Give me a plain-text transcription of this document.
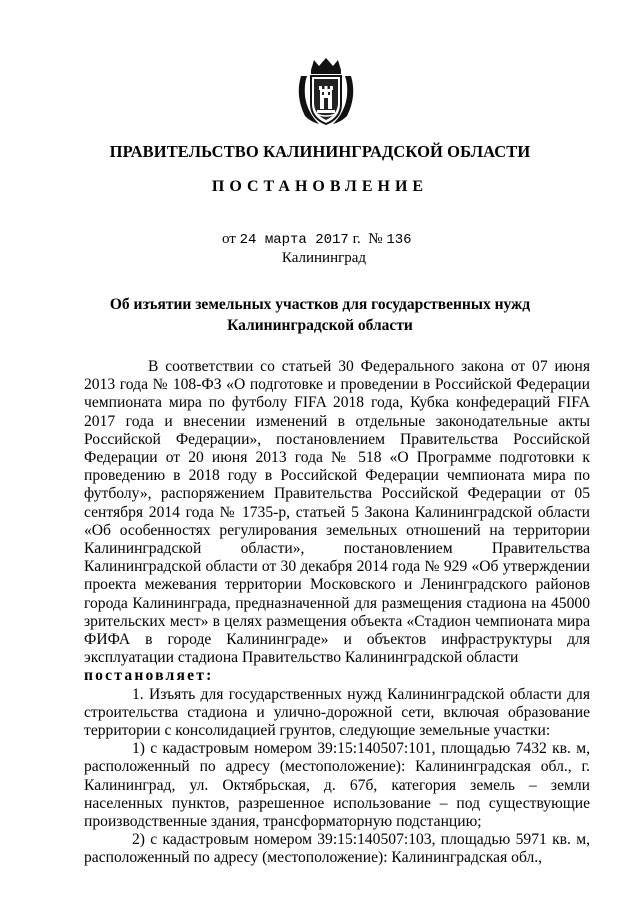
ПРАВИТЕЛЬСТВО КАЛИНИНГРАДСКОЙ ОБЛАСТИ
ПОСТАНОВЛЕНИЕ
от 24 марта 2017 г. № 136
Калининград
Об изъятии земельных участков для государственных нужд
Калининградской области

В соответствии со статьей 30 Федерального закона от 07 июня 2013 года № 108-ФЗ «О подготовке и проведении в Российской Федерации чемпионата мира по футболу FIFA 2018 года, Кубка конфедераций FIFA 2017 года и внесении изменений в отдельные законодательные акты Российской Федерации», постановлением Правительства Российской Федерации от 20 июня 2013 года № 518 «О Программе подготовки к проведению в 2018 году в Российской Федерации чемпионата мира по футболу», распоряжением Правительства Российской Федерации от 05 сентября 2014 года № 1735-р, статьей 5 Закона Калининградской области «Об особенностях регулирования земельных отношений на территории Калининградской области», постановлением Правительства Калининградской области от 30 декабря 2014 года № 929 «Об утверждении проекта межевания территории Московского и Ленинградского районов города Калининграда, предназначенной для размещения стадиона на 45000 зрительских мест» в целях размещения объекта «Стадион чемпионата мира ФИФА в городе Калининграде» и объектов инфраструктуры для эксплуатации стадиона Правительство Калининградской области

постановляет:

1. Изъять для государственных нужд Калининградской области для строительства стадиона и улично-дорожной сети, включая образование территории с консолидацией грунтов, следующие земельные участки:

1) с кадастровым номером 39:15:140507:101, площадью 7432 кв. м, расположенный по адресу (местоположение): Калининградская обл., г. Калининград, ул. Октябрьская, д. 67б, категория земель – земли населенных пунктов, разрешенное использование – под существующие производственные здания, трансформаторную подстанцию;

2) с кадастровым номером 39:15:140507:103, площадью 5971 кв. м, расположенный по адресу (местоположение): Калининградская обл.,
